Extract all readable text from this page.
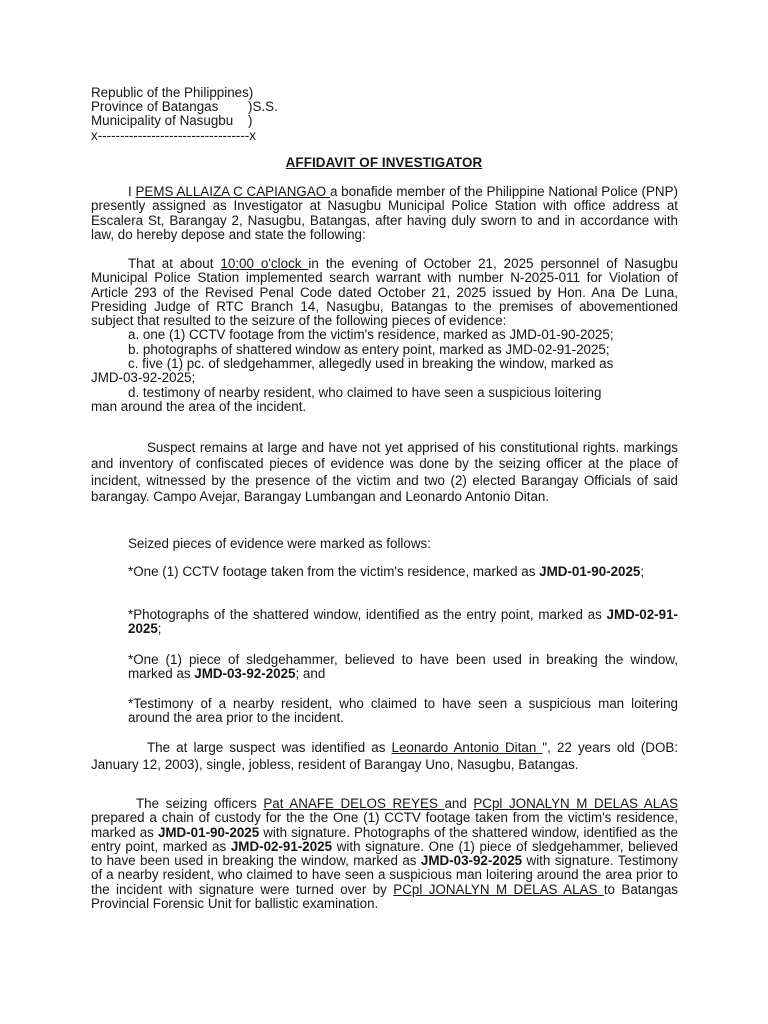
Republic of the Philippines)
Province of Batangas        )S.S.
Municipality of Nasugbu    )
x----------------------------------x
AFFIDAVIT OF INVESTIGATOR

I PEMS ALLAIZA C CAPIANGAO a bonafide member of the Philippine National Police (PNP) presently assigned as Investigator at Nasugbu Municipal Police Station with office address at Escalera St, Barangay 2, Nasugbu, Batangas, after having duly sworn to and in accordance with law, do hereby depose and state the following:

That at about 10:00 o'clock in the evening of October 21, 2025 personnel of Nasugbu Municipal Police Station implemented search warrant with number N-2025-011 for Violation of Article 293 of the Revised Penal Code dated October 21, 2025 issued by Hon. Ana De Luna, Presiding Judge of RTC Branch 14, Nasugbu, Batangas to the premises of abovementioned subject that resulted to the seizure of the following pieces of evidence:

a. one (1) CCTV footage from the victim's residence, marked as JMD-01-90-2025;

b. photographs of shattered window as entery point, marked as JMD-02-91-2025;

c. five (1) pc. of sledgehammer, allegedly used in breaking the window, marked as

JMD-03-92-2025;

d. testimony of nearby resident, who claimed to have seen a suspicious loitering

man around the area of the incident.

Suspect remains at large and have not yet apprised of his constitutional rights. markings and inventory of confiscated pieces of evidence was done by the seizing officer at the place of incident, witnessed by the presence of the victim and two (2) elected Barangay Officials of said barangay. Campo Avejar, Barangay Lumbangan and Leonardo Antonio Ditan.

Seized pieces of evidence were marked as follows:

*One (1) CCTV footage taken from the victim's residence, marked as JMD-01-90-2025;

*Photographs of the shattered window, identified as the entry point, marked as JMD-02-91-2025;

*One (1) piece of sledgehammer, believed to have been used in breaking the window, marked as JMD-03-92-2025; and

*Testimony of a nearby resident, who claimed to have seen a suspicious man loitering around the area prior to the incident.

The at large suspect was identified as Leonardo Antonio Ditan ", 22 years old (DOB: January 12, 2003), single, jobless, resident of Barangay Uno, Nasugbu, Batangas.

The seizing officers Pat ANAFE DELOS REYES and PCpl JONALYN M DELAS ALAS prepared a chain of custody for the the One (1) CCTV footage taken from the victim's residence, marked as JMD-01-90-2025 with signature. Photographs of the shattered window, identified as the entry point, marked as JMD-02-91-2025 with signature. One (1) piece of sledgehammer, believed to have been used in breaking the window, marked as JMD-03-92-2025 with signature. Testimony of a nearby resident, who claimed to have seen a suspicious man loitering around the area prior to the incident with signature were turned over by PCpl JONALYN M DELAS ALAS to Batangas Provincial Forensic Unit for ballistic examination.
